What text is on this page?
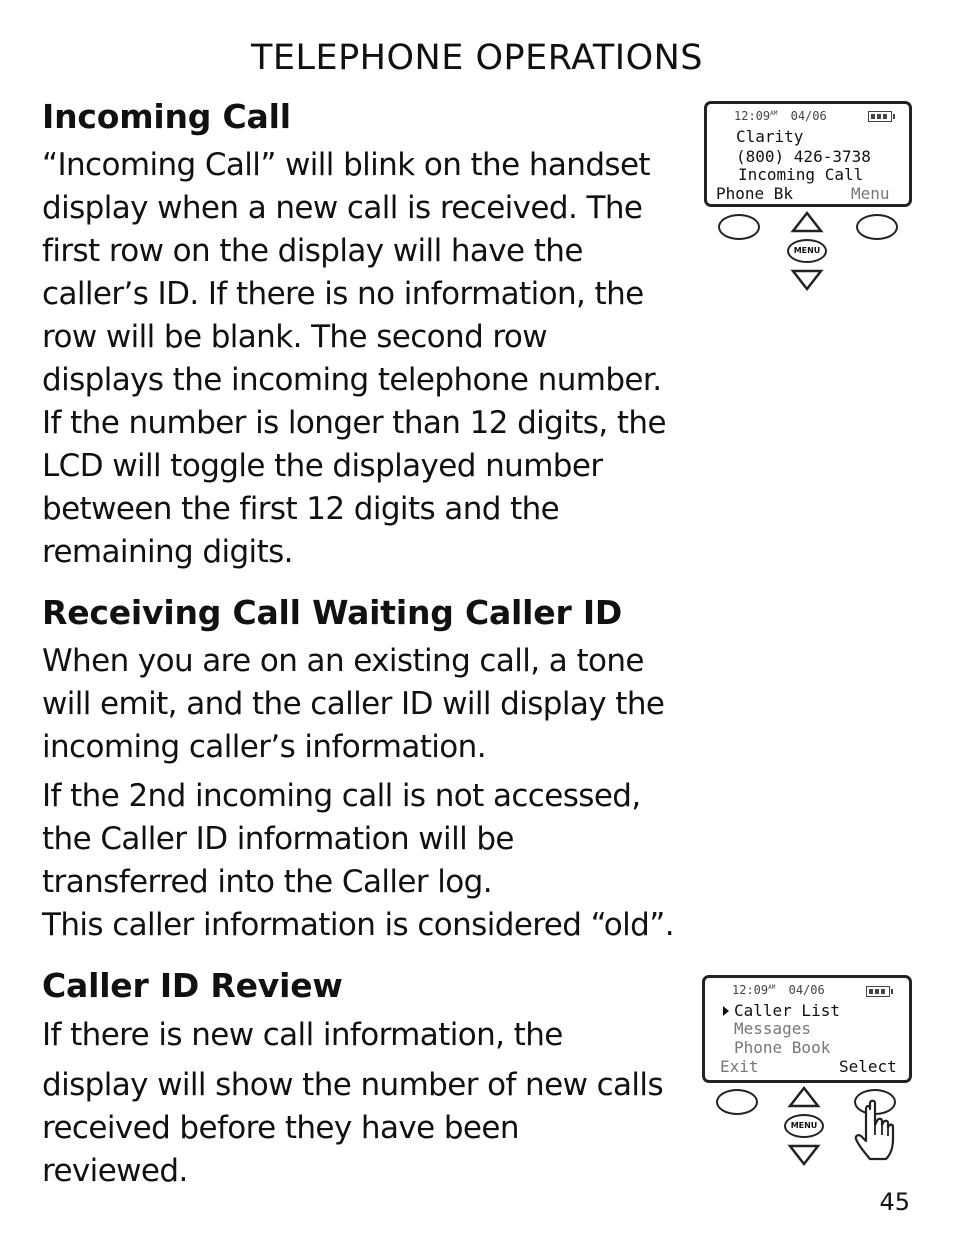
TELEPHONE OPERATIONS
Incoming Call
“Incoming Call” will blink on the handset
display when a new call is received. The
first row on the display will have the
caller’s ID. If there is no information, the
row will be blank. The second row
displays the incoming telephone number.
If the number is longer than 12 digits, the
LCD will toggle the displayed number
between the first 12 digits and the
remaining digits.
Receiving Call Waiting Caller ID
When you are on an existing call, a tone
will emit, and the caller ID will display the
incoming caller’s information.
If the 2nd incoming call is not accessed,
the Caller ID information will be
transferred into the Caller log.
This caller information is considered “old”.
Caller ID Review
If there is new call information, the
display will show the number of new calls
received before they have been
reviewed.
$12:09^{AM}$ 04/06
Clarity
(800) 426-3738
Incoming Call
Phone Bk	Menu
MENU
$12:09^{AM}$ 04/06
Caller List
Messages
Phone Book
Exit	Select
MENU
45
